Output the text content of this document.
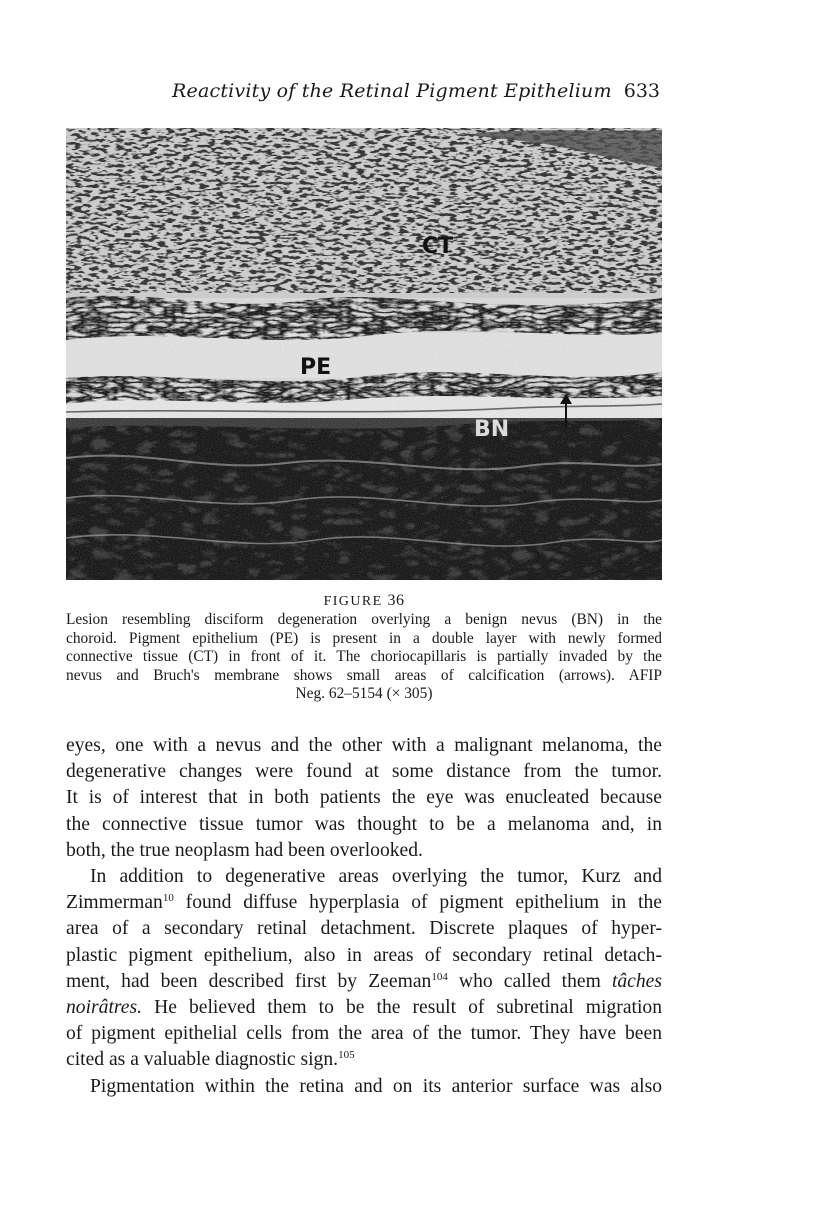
Reactivity of the Retinal Pigment Epithelium 633
CT
PE
BN
FIGURE 36
Lesion resembling disciform degeneration overlying a benign nevus (BN) in the
choroid. Pigment epithelium (PE) is present in a double layer with newly formed
connective tissue (CT) in front of it. The choriocapillaris is partially invaded by the
nevus and Bruch's membrane shows small areas of calcification (arrows). AFIP
Neg. 62–5154 (× 305)
eyes, one with a nevus and the other with a malignant melanoma, the
degenerative changes were found at some distance from the tumor.
It is of interest that in both patients the eye was enucleated because
the connective tissue tumor was thought to be a melanoma and, in
both, the true neoplasm had been overlooked.
In addition to degenerative areas overlying the tumor, Kurz and
Zimmerman$^{10}$ found diffuse hyperplasia of pigment epithelium in the
area of a secondary retinal detachment. Discrete plaques of hyper-
plastic pigment epithelium, also in areas of secondary retinal detach-
ment, had been described first by Zeeman$^{104}$ who called them tâches
noirâtres. He believed them to be the result of subretinal migration
of pigment epithelial cells from the area of the tumor. They have been
cited as a valuable diagnostic sign.$^{105}$
Pigmentation within the retina and on its anterior surface was also
